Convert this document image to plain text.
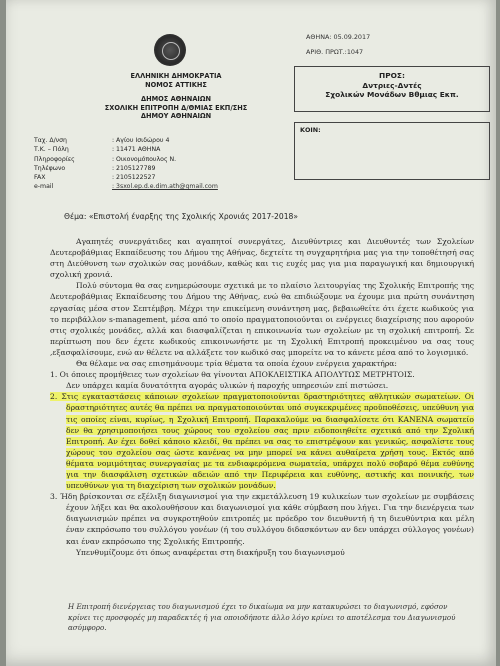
ΕΛΛΗΝΙΚΗ ΔΗΜΟΚΡΑΤΙΑ
ΝΟΜΟΣ ΑΤΤΙΚΗΣ
ΔΗΜΟΣ ΑΘΗΝΑΙΩΝ
ΣΧΟΛΙΚΗ ΕΠΙΤΡΟΠΗ Δ/ΘΜΙΑΣ ΕΚΠ/ΣΗΣ
ΔΗΜΟΥ ΑΘΗΝΑΙΩΝ
ΑΘΗΝΑ: 05.09.2017
ΑΡΙΘ. ΠΡΩΤ.:1047
ΠΡΟΣ:
Δντριες-Δντές
Σχολικών Μονάδων Βθμιας Εκπ.
ΚΟΙΝ:
Ταχ. Δ/νση	: Αγίου Ισιδώρου 4
Τ.Κ. – Πόλη	: 11471 ΑΘΗΝΑ
Πληροφορίες	: Οικονομόπουλος Ν.
Τηλέφωνο	: 2105127789
FAX	: 2105122527
e-mail	: 3sxol.ep.d.e.dim.ath@gmail.com
Θέμα: «Επιστολή έναρξης της Σχολικής Χρονιάς 2017-2018»

Αγαπητές συνεργάτιδες και αγαπητοί συνεργάτες, Διευθύντριες και Διευθυντές των Σχολείων Δευτεροβάθμιας Εκπαίδευσης του Δήμου της Αθήνας, δεχτείτε τη συγχαρητήρια μας για την τοποθέτησή σας στη Διεύθυνση των σχολικών σας μονάδων, καθώς και τις ευχές μας για μια παραγωγική και δημιουργική σχολική χρονιά.

Πολύ σύντομα θα σας ενημερώσουμε σχετικά με το πλαίσιο λειτουργίας της Σχολικής Επιτροπής της Δευτεροβάθμιας Εκπαίδευσης του Δήμου της Αθήνας, ενώ θα επιδιώξουμε να έχουμε μια πρώτη συνάντηση εργασίας μέσα στον Σεπτέμβρη. Μέχρι την επικείμενη συνάντηση μας, βεβαιωθείτε ότι έχετε κωδικούς για το περιβάλλον s-management, μέσα από το οποίο πραγματοποιούνται οι ενέργειες διαχείρισης που αφορούν στις σχολικές μονάδες, αλλά και διασφαλίζεται η επικοινωνία των σχολείων με τη σχολική επιτροπή. Σε περίπτωση που δεν έχετε κωδικούς επικοινωνήστε με τη Σχολική Επιτροπή προκειμένου να σας τους ,εξασφαλίσουμε, ενώ αν θέλετε να αλλάξετε τον κωδικό σας μπορείτε να το κάνετε μέσα από το λογισμικό.

Θα θέλαμε να σας επισημάνουμε τρία θέματα τα οποία έχουν ενέργεια χαρακτήρα:

1. Οι όποιες προμήθειες των σχολείων θα γίνονται ΑΠΟΚΛΕΙΣΤΙΚΑ ΑΠΟΛΥΤΩΣ ΜΕΤΡΗΤΟΙΣ.

Δεν υπάρχει καμία δυνατότητα αγοράς υλικών ή παροχής υπηρεσιών επί πιστώσει.

2. Στις εγκαταστάσεις κάποιων σχολείων πραγματοποιούνται δραστηριότητες αθλητικών σωματείων. Οι δραστηριότητες αυτές θα πρέπει να πραγματοποιούνται υπό συγκεκριμένες προϋποθέσεις, υπεύθυνη για τις οποίες είναι, κυρίως, η Σχολική Επιτροπή. Παρακαλούμε να διασφαλίσετε ότι ΚΑΝΕΝΑ σωματείο δεν θα χρησιμοποιήσει τους χώρους του σχολείου σας πριν ειδοποιηθείτε σχετικά από την Σχολική Επιτροπή. Αν έχει δοθεί κάποιο κλειδί, θα πρέπει να σας το επιστρέψουν και γενικώς, ασφαλίστε τους χώρους του σχολείου σας ώστε κανένας να μην μπορεί να κάνει αυθαίρετα χρήση τους. Εκτός από θέματα νομιμότητας συνεργασίας με τα ενδιαφερόμενα σωματεία, υπάρχει πολύ σοβαρό θέμα ευθύνης για την διασφάλιση σχετικών αδειών από την Περιφέρεια και ευθύνης, αστικής και ποινικής, των υπευθύνων για τη διαχείριση των σχολικών μονάδων.

3. Ήδη βρίσκονται σε εξέλιξη διαγωνισμοί για την εκμετάλλευση 19 κυλικείων των σχολείων με συμβάσεις έχουν λήξει και θα ακολουθήσουν και διαγωνισμοί για κάθε σύμβαση που λήγει. Για την διενέργεια των διαγωνισμών πρέπει να συγκροτηθούν επιτροπές με πρόεδρο τον διευθυντή ή τη διευθύντρια και μέλη έναν εκπρόσωπο του συλλόγου γονέων (ή του συλλόγου διδασκόντων αν δεν υπάρχει σύλλογος γονέων) και έναν εκπρόσωπο της Σχολικής Επιτροπής.

Υπενθυμίζουμε ότι όπως αναφέρεται στη διακήρυξη του διαγωνισμού

Η Επιτροπή διενέργειας του διαγωνισμού έχει το δικαίωμα να μην κατακυρώσει το διαγωνισμό, εφόσον κρίνει τις προσφορές μη παραδεκτές ή για οποιοδήποτε άλλο λόγο κρίνει το αποτέλεσμα του Διαγωνισμού ασύμφορο.
